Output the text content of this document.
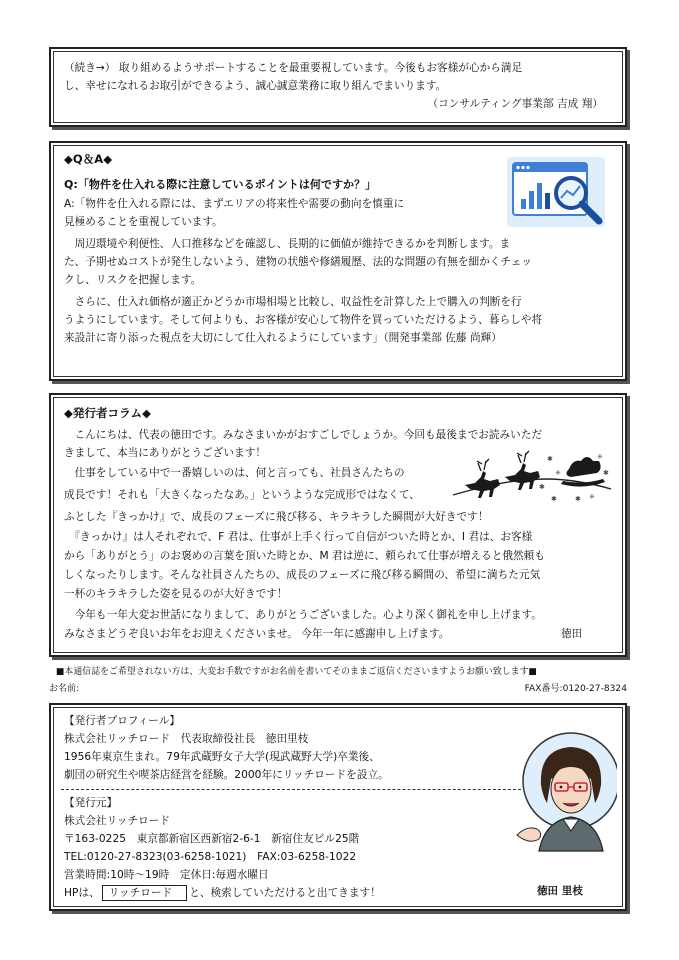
（続き→） 取り組めるようサポートすることを最重要視しています。今後もお客様が心から満足
し、幸せになれるお取引ができるよう、誠心誠意業務に取り組んでまいります。
（コンサルティング事業部 吉成 翔）
◆Q＆A◆
Q:「物件を仕入れる際に注意しているポイントは何ですか？」
A:「物件を仕入れる際には、まずエリアの将来性や需要の動向を慎重に
見極めることを重視しています。
　周辺環境や利便性、人口推移などを確認し、長期的に価値が維持できるかを判断します。ま
た、予期せぬコストが発生しないよう、建物の状態や修繕履歴、法的な問題の有無を細かくチェッ
クし、リスクを把握します。
　さらに、仕入れ価格が適正かどうか市場相場と比較し、収益性を計算した上で購入の判断を行
うようにしています。そして何よりも、お客様が安心して物件を買っていただけるよう、暮らしや将
来設計に寄り添った視点を大切にして仕入れるようにしています」（開発事業部 佐藤 尚輝）
◆発行者コラム◆
　こんにちは、代表の徳田です。みなさまいかがおすごしでしょうか。今回も最後までお読みいただ
きまして、本当にありがとうございます！
　仕事をしている中で一番嬉しいのは、何と言っても、社員さんたちの
成長です！それも「大きくなったなあ。」というような完成形ではなくて、
ふとした『きっかけ』で、成長のフェーズに飛び移る、キラキラした瞬間が大好きです！
　『きっかけ』は人それぞれで、F 君は、仕事が上手く行って自信がついた時とか、I 君は、お客様
から「ありがとう」のお褒めの言葉を頂いた時とか、M 君は逆に、頼られて仕事が増えると俄然頼も
しくなったりします。そんな社員さんたちの、成長のフェーズに飛び移る瞬間の、希望に満ちた元気
一杯のキラキラした姿を見るのが大好きです！
　今年も一年大変お世話になりまして、ありがとうございました。心より深く御礼を申し上げます。
みなさまどうぞ良いお年をお迎えくださいませ。 今年一年に感謝申し上げます。	徳田
✱
✳
✱
✳
✱
✳
✱	✱
■本通信誌をご希望されない方は、大変お手数ですがお名前を書いてそのままご返信くださいますようお願い致します■
お名前:	FAX番号:0120-27-8324
【発行者プロフィール】
株式会社リッチロード　代表取締役社長　徳田里枝
1956年東京生まれ。79年武蔵野女子大学(現武蔵野大学)卒業後、
劇団の研究生や喫茶店経営を経験。2000年にリッチロードを設立。
【発行元】
株式会社リッチロード
〒163-0225　東京都新宿区西新宿2-6-1　新宿住友ビル25階
TEL:0120-27-8323(03-6258-1021)　FAX:03-6258-1022
営業時間:10時～19時　定休日:毎週水曜日
HPは、 リッチロード と、検索していただけると出てきます！	徳田 里枝
